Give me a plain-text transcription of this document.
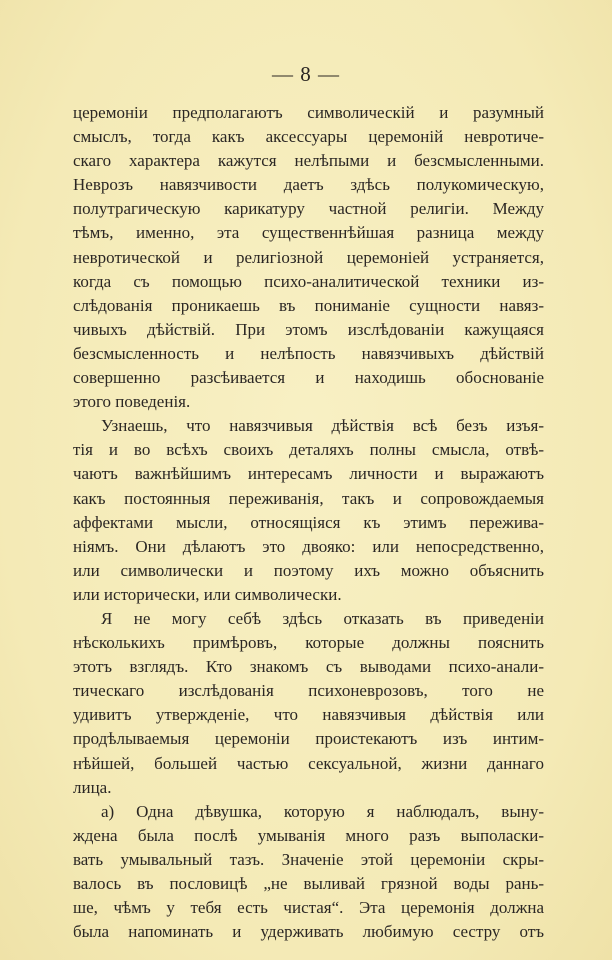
— 8 —
церемоніи предполагаютъ символическій и разумный
смыслъ, тогда какъ аксессуары церемоній невротиче-
скаго характера кажутся нелѣпыми и безсмысленными.
Неврозъ навязчивости даетъ здѣсь полукомическую,
полутрагическую карикатуру частной религіи. Между
тѣмъ, именно, эта существеннѣйшая разница между
невротической и религіозной церемоніей устраняется,
когда съ помощью психо-аналитической техники из-
слѣдованія проникаешь въ пониманіе сущности навяз-
чивыхъ дѣйствій. При этомъ изслѣдованіи кажущаяся
безсмысленность и нелѣпость навязчивыхъ дѣйствій
совершенно разсѣивается и находишь обоснованіе
этого поведенія.
Узнаешь, что навязчивыя дѣйствія всѣ безъ изъя-
тія и во всѣхъ своихъ деталяхъ полны смысла, отвѣ-
чаютъ важнѣйшимъ интересамъ личности и выражаютъ
какъ постоянныя переживанія, такъ и сопровождаемыя
аффектами мысли, относящіяся къ этимъ пережива-
ніямъ. Они дѣлаютъ это двояко: или непосредственно,
или символически и поэтому ихъ можно объяснить
или исторически, или символически.
Я не могу себѣ здѣсь отказать въ приведеніи
нѣсколькихъ примѣровъ, которые должны пояснить
этотъ взглядъ. Кто знакомъ съ выводами психо-анали-
тическаго изслѣдованія психоневрозовъ, того не
удивитъ утвержденіе, что навязчивыя дѣйствія или
продѣлываемыя церемоніи проистекаютъ изъ интим-
нѣйшей, большей частью сексуальной, жизни даннаго
лица.
а) Одна дѣвушка, которую я наблюдалъ, выну-
ждена была послѣ умыванія много разъ выполаски-
вать умывальный тазъ. Значеніе этой церемоніи скры-
валось въ пословицѣ „не выливай грязной воды рань-
ше, чѣмъ у тебя есть чистая“. Эта церемонія должна
была напоминать и удерживать любимую сестру отъ
